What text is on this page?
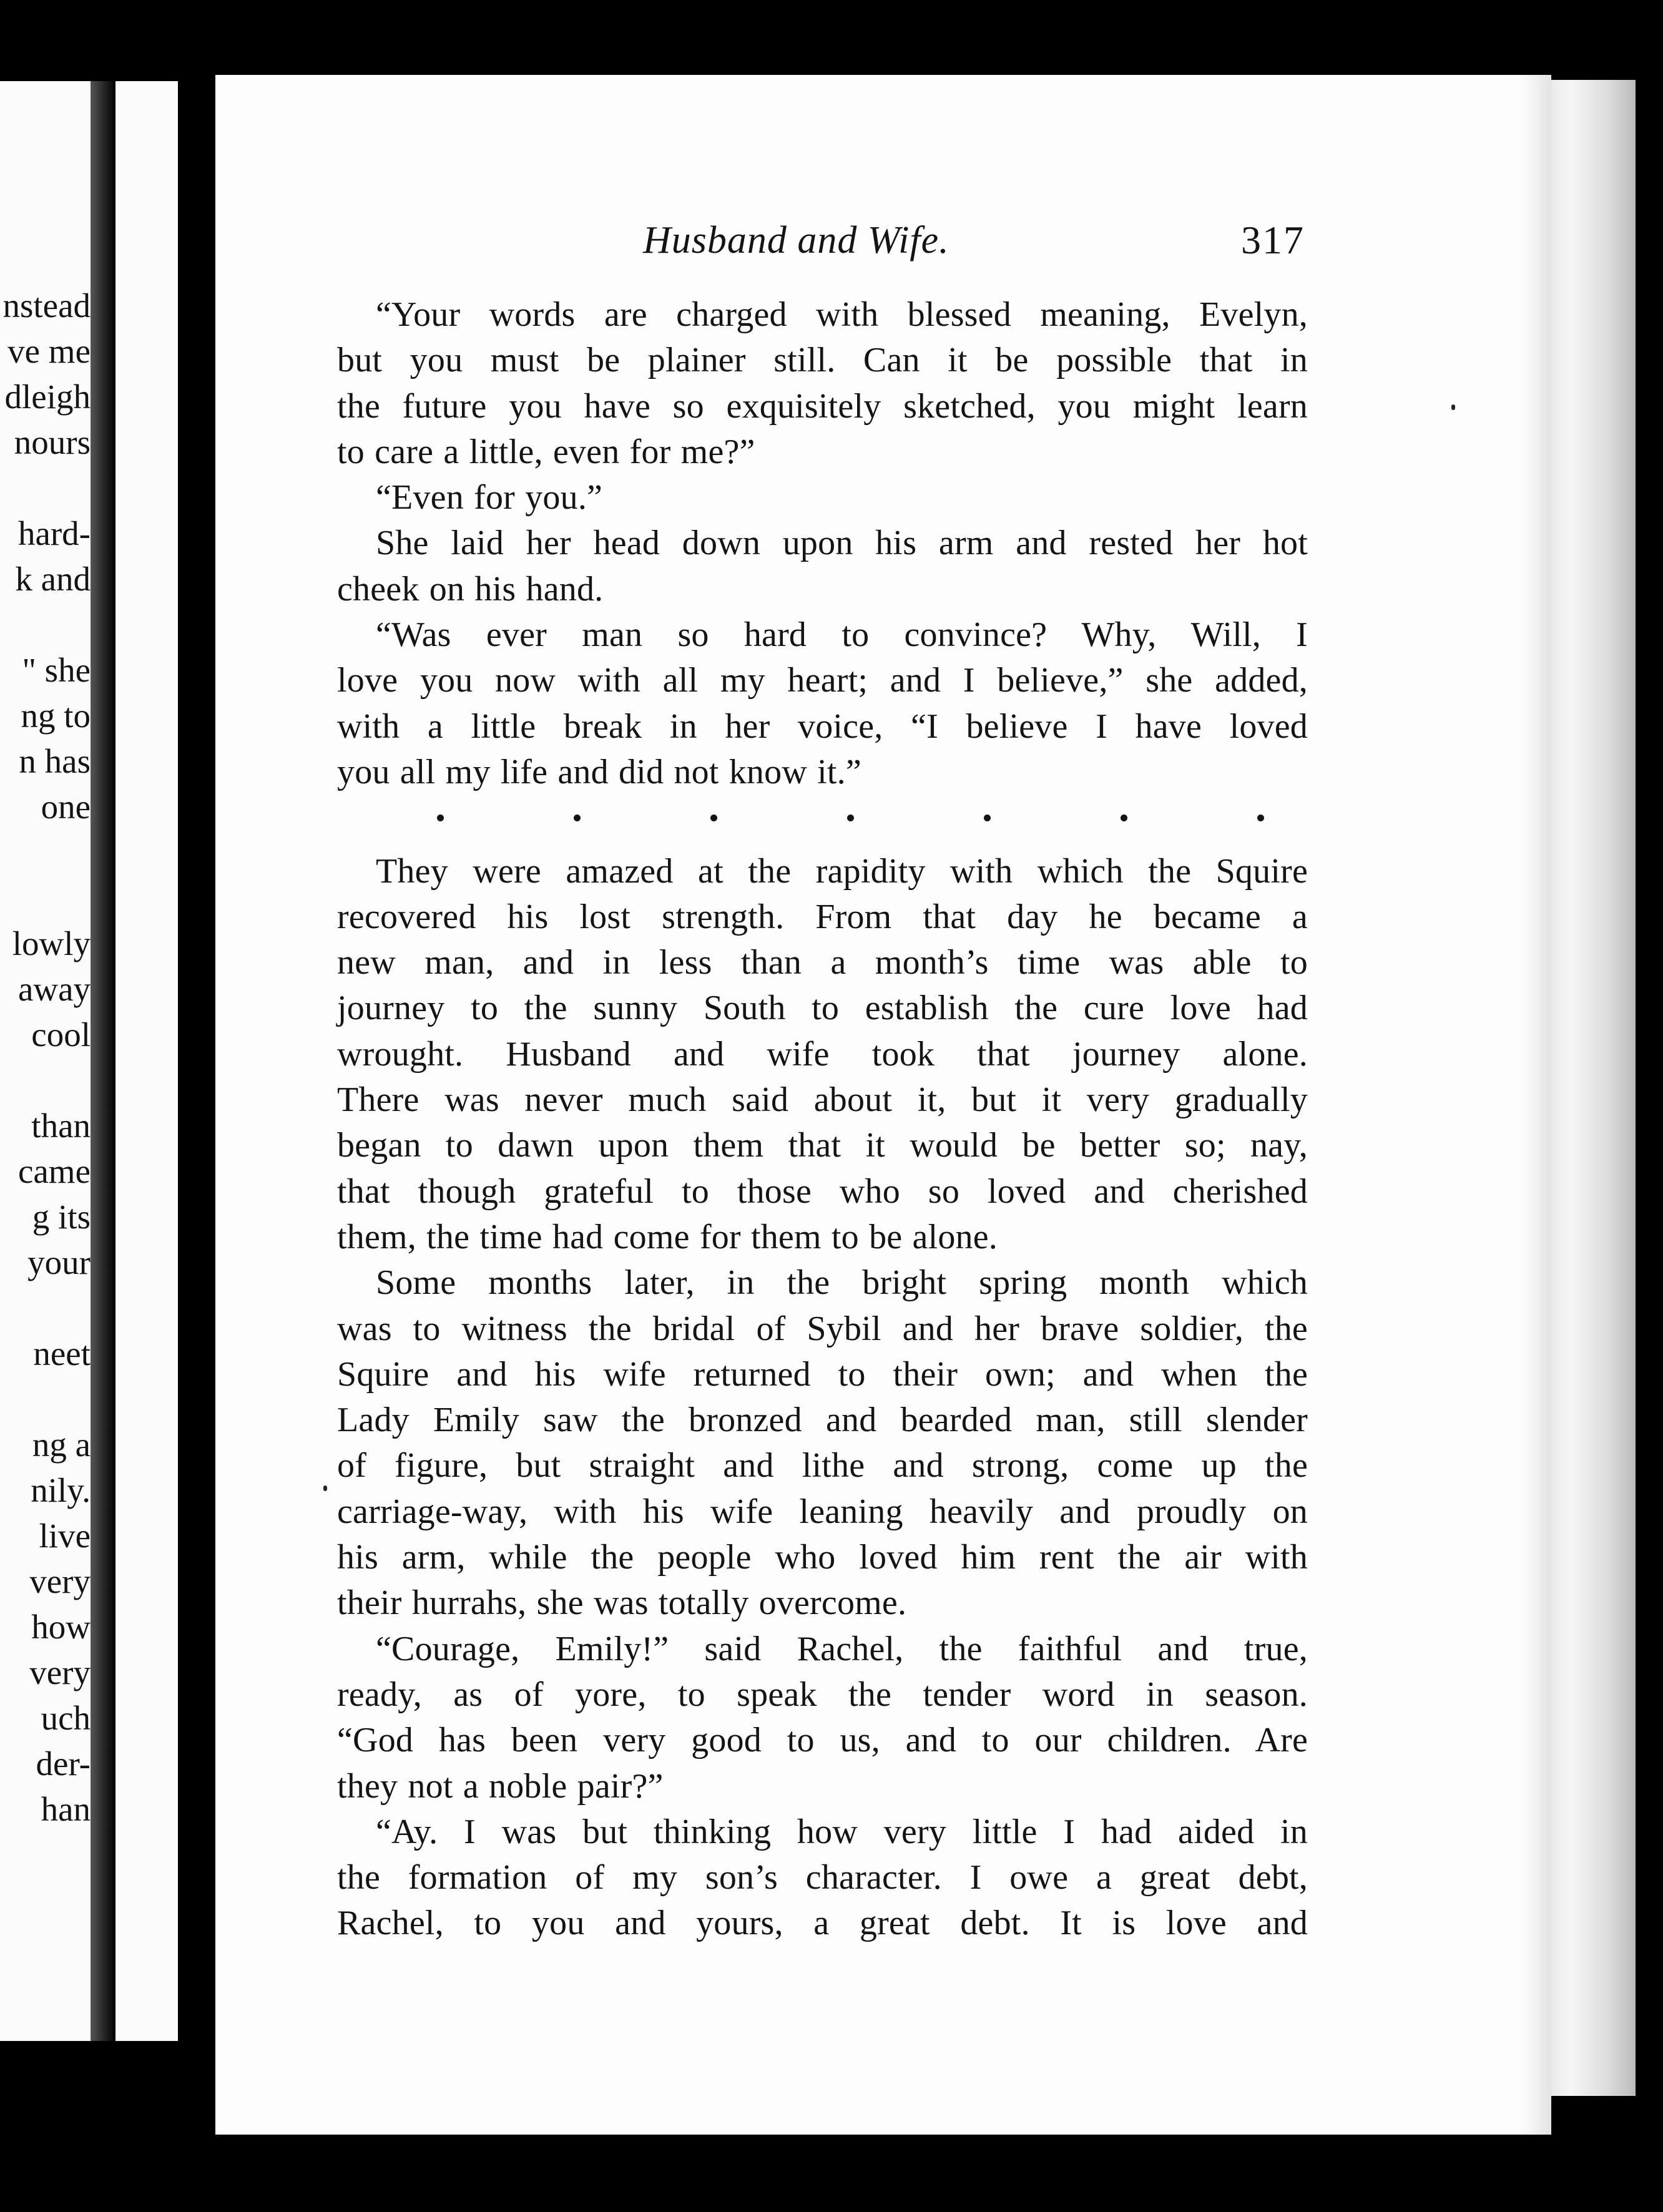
nstead
ve me
dleigh
nours
hard-
k and
" she
ng to
n has
one
lowly
away
cool
than
came
g its
your
neet
ng a
nily.
live
very
how
very
uch
der-
han
Husband and Wife.	317
“Your words are charged with blessed meaning, Evelyn,
but you must be plainer still. Can it be possible that in
the future you have so exquisitely sketched, you might learn
to care a little, even for me?”
“Even for you.”
She laid her head down upon his arm and rested her hot
cheek on his hand.
“Was ever man so hard to convince? Why, Will, I
love you now with all my heart; and I believe,” she added,
with a little break in her voice, “I believe I have loved
you all my life and did not know it.”
They were amazed at the rapidity with which the Squire
recovered his lost strength. From that day he became a
new man, and in less than a month’s time was able to
journey to the sunny South to establish the cure love had
wrought. Husband and wife took that journey alone.
There was never much said about it, but it very gradually
began to dawn upon them that it would be better so; nay,
that though grateful to those who so loved and cherished
them, the time had come for them to be alone.
Some months later, in the bright spring month which
was to witness the bridal of Sybil and her brave soldier, the
Squire and his wife returned to their own; and when the
Lady Emily saw the bronzed and bearded man, still slender
of figure, but straight and lithe and strong, come up the
carriage-way, with his wife leaning heavily and proudly on
his arm, while the people who loved him rent the air with
their hurrahs, she was totally overcome.
“Courage, Emily!” said Rachel, the faithful and true,
ready, as of yore, to speak the tender word in season.
“God has been very good to us, and to our children. Are
they not a noble pair?”
“Ay. I was but thinking how very little I had aided in
the formation of my son’s character. I owe a great debt,
Rachel, to you and yours, a great debt. It is love and
